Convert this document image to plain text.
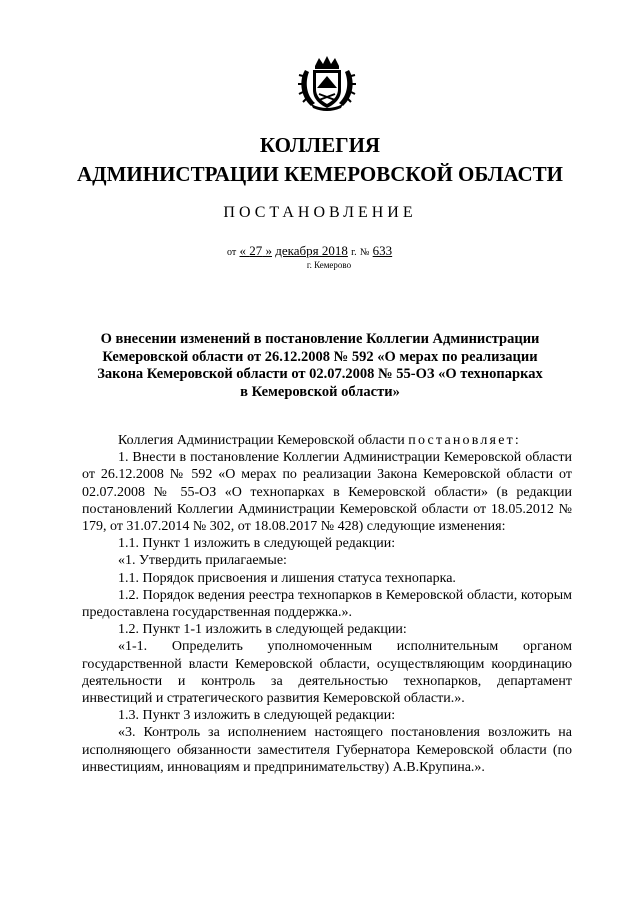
КОЛЛЕГИЯ
АДМИНИСТРАЦИИ КЕМЕРОВСКОЙ ОБЛАСТИ
ПОСТАНОВЛЕНИЕ
от « 27 » декабря 2018 г. № 633
г. Кемерово
О внесении изменений в постановление Коллегии Администрации
Кемеровской области от 26.12.2008 № 592 «О мерах по реализации
Закона Кемеровской области от 02.07.2008 № 55-ОЗ «О технопарках
в Кемеровской области»

Коллегия Администрации Кемеровской области постановляет:

1. Внести в постановление Коллегии Администрации Кемеровской области от 26.12.2008 № 592 «О мерах по реализации Закона Кемеровской области от 02.07.2008 № 55-ОЗ «О технопарках в Кемеровской области» (в редакции постановлений Коллегии Администрации Кемеровской области от 18.05.2012 № 179, от 31.07.2014 № 302, от 18.08.2017 № 428) следующие изменения:

1.1. Пункт 1 изложить в следующей редакции:

«1. Утвердить прилагаемые:

1.1. Порядок присвоения и лишения статуса технопарка.

1.2. Порядок ведения реестра технопарков в Кемеровской области, которым предоставлена государственная поддержка.».

1.2. Пункт 1-1 изложить в следующей редакции:

«1-1. Определить уполномоченным исполнительным органом государственной власти Кемеровской области, осуществляющим координацию деятельности и контроль за деятельностью технопарков, департамент инвестиций и стратегического развития Кемеровской области.».

1.3. Пункт 3 изложить в следующей редакции:

«3. Контроль за исполнением настоящего постановления возложить на исполняющего обязанности заместителя Губернатора Кемеровской области (по инвестициям, инновациям и предпринимательству) А.В.Крупина.».
